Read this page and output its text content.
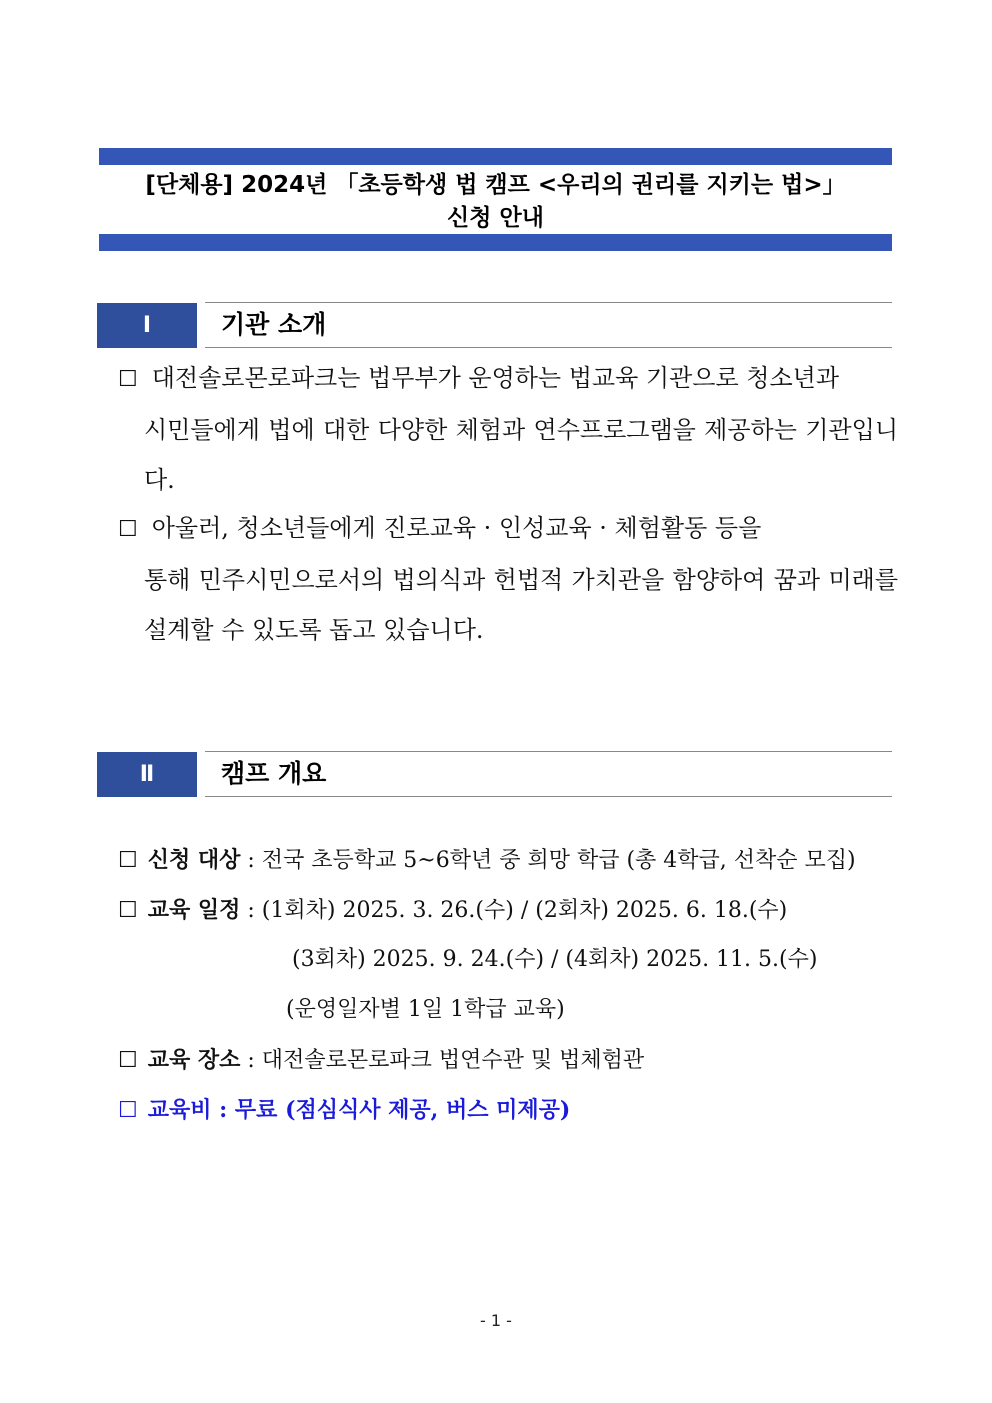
[단체용] 2024년 「초등학생 법 캠프 <우리의 권리를 지키는 법>」
신청 안내
Ⅰ	기관 소개
☐ 대전솔로몬로파크는 법무부가 운영하는 법교육 기관으로 청소년과
시민들에게 법에 대한 다양한 체험과 연수프로그램을 제공하는 기관입니다.
☐ 아울러, 청소년들에게 진로교육 · 인성교육 · 체험활동 등을
통해 민주시민으로서의 법의식과 헌법적 가치관을 함양하여 꿈과 미래를 설계할 수 있도록 돕고 있습니다.
Ⅱ	캠프 개요
☐ 신청 대상 : 전국 초등학교 5~6학년 중 희망 학급 (총 4학급, 선착순 모집)
☐ 교육 일정 : (1회차) 2025. 3. 26.(수) / (2회차) 2025. 6. 18.(수)
(3회차) 2025. 9. 24.(수) / (4회차) 2025. 11. 5.(수)
(운영일자별 1일 1학급 교육)
☐ 교육 장소 : 대전솔로몬로파크 법연수관 및 법체험관
☐ 교육비 : 무료 (점심식사 제공, 버스 미제공)
- 1 -
